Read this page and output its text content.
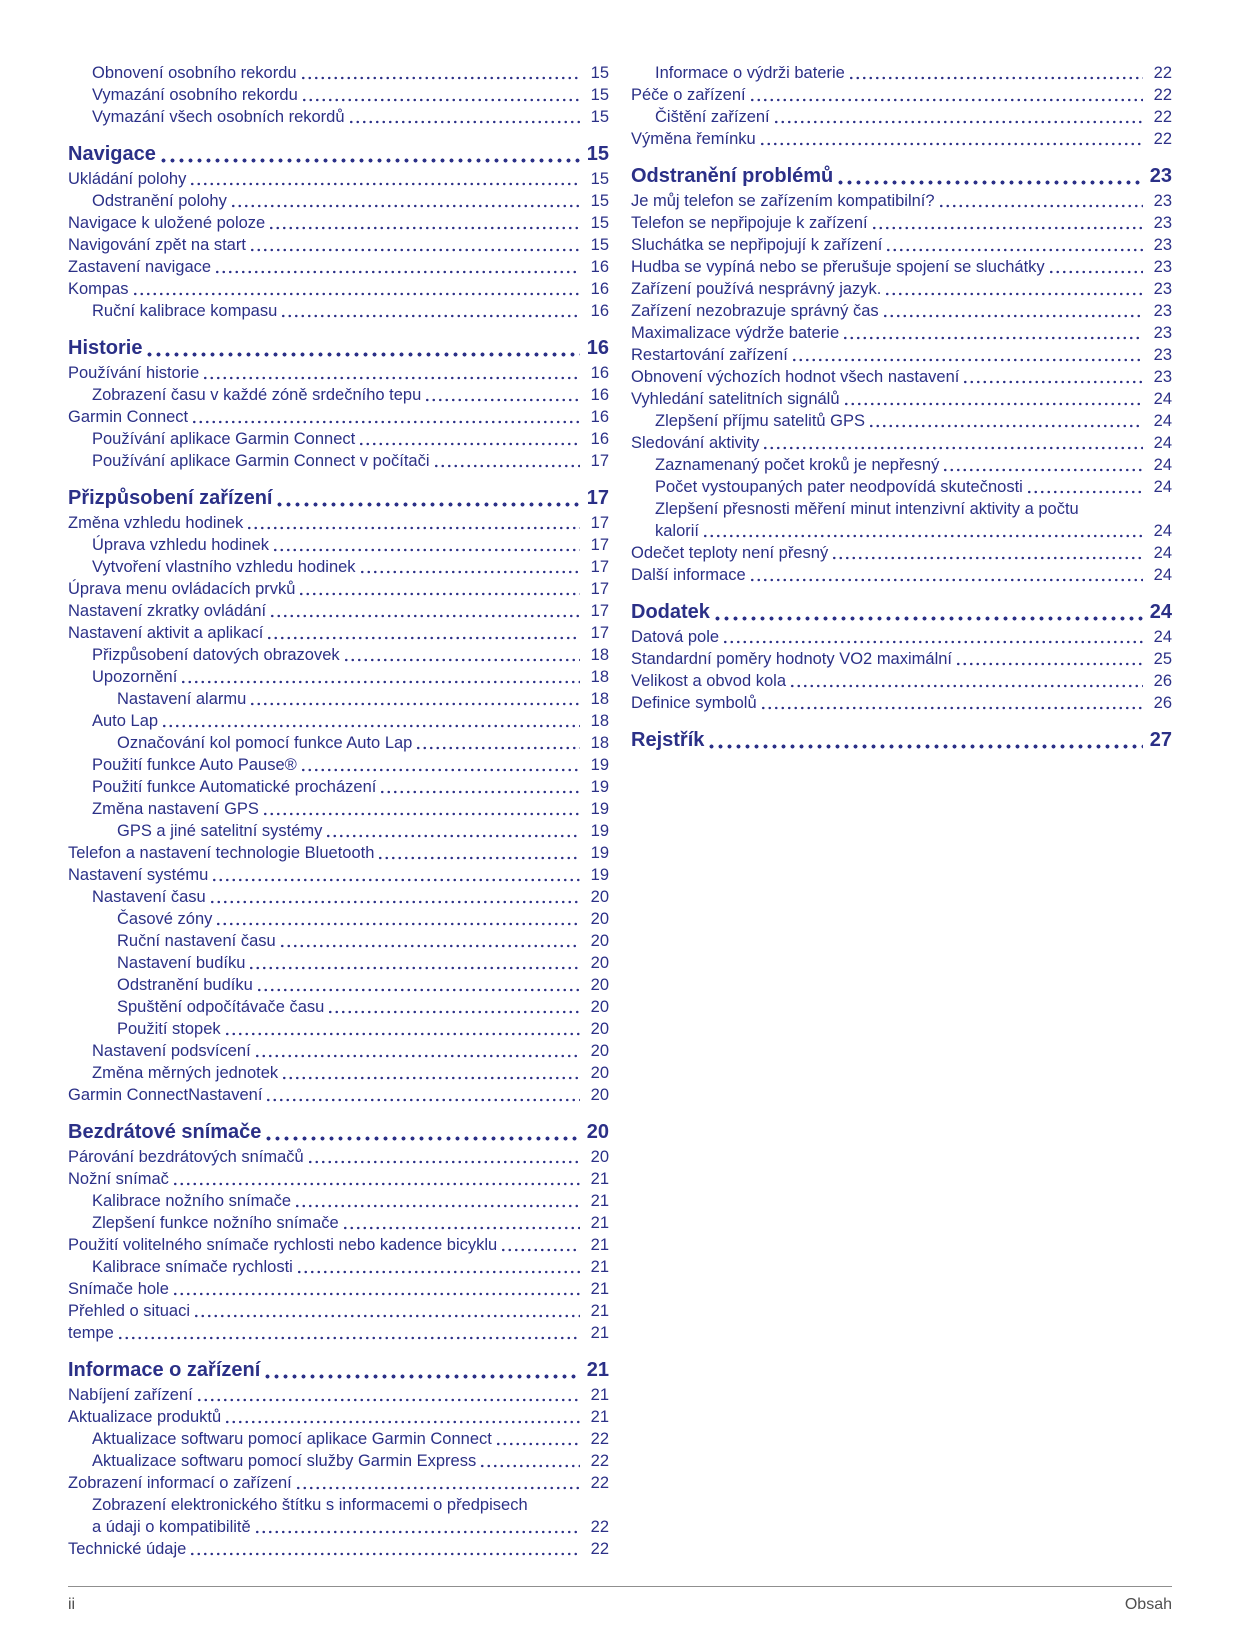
Obnovení osobního rekordu	15
Vymazání osobního rekordu	15
Vymazání všech osobních rekordů	15
Navigace	15
Ukládání polohy	15
Odstranění polohy	15
Navigace k uložené poloze	15
Navigování zpět na start	15
Zastavení navigace	16
Kompas	16
Ruční kalibrace kompasu	16
Historie	16
Používání historie	16
Zobrazení času v každé zóně srdečního tepu	16
Garmin Connect	16
Používání aplikace Garmin Connect	16
Používání aplikace Garmin Connect v počítači	17
Přizpůsobení zařízení	17
Změna vzhledu hodinek	17
Úprava vzhledu hodinek	17
Vytvoření vlastního vzhledu hodinek	17
Úprava menu ovládacích prvků	17
Nastavení zkratky ovládání	17
Nastavení aktivit a aplikací	17
Přizpůsobení datových obrazovek	18
Upozornění	18
Nastavení alarmu	18
Auto Lap	18
Označování kol pomocí funkce Auto Lap	18
Použití funkce Auto Pause®	19
Použití funkce Automatické procházení	19
Změna nastavení GPS	19
GPS a jiné satelitní systémy	19
Telefon a nastavení technologie Bluetooth	19
Nastavení systému	19
Nastavení času	20
Časové zóny	20
Ruční nastavení času	20
Nastavení budíku	20
Odstranění budíku	20
Spuštění odpočítávače času	20
Použití stopek	20
Nastavení podsvícení	20
Změna měrných jednotek	20
Garmin ConnectNastavení	20
Bezdrátové snímače	20
Párování bezdrátových snímačů	20
Nožní snímač	21
Kalibrace nožního snímače	21
Zlepšení funkce nožního snímače	21
Použití volitelného snímače rychlosti nebo kadence bicyklu	21
Kalibrace snímače rychlosti	21
Snímače hole	21
Přehled o situaci	21
tempe	21
Informace o zařízení	21
Nabíjení zařízení	21
Aktualizace produktů	21
Aktualizace softwaru pomocí aplikace Garmin Connect	22
Aktualizace softwaru pomocí služby Garmin Express	22
Zobrazení informací o zařízení	22
Zobrazení elektronického štítku s informacemi o předpisech
a údaji o kompatibilitě	22
Technické údaje	22
Informace o výdrži baterie	22
Péče o zařízení	22
Čištění zařízení	22
Výměna řemínku	22
Odstranění problémů	23
Je můj telefon se zařízením kompatibilní?	23
Telefon se nepřipojuje k zařízení	23
Sluchátka se nepřipojují k zařízení	23
Hudba se vypíná nebo se přerušuje spojení se sluchátky	23
Zařízení používá nesprávný jazyk.	23
Zařízení nezobrazuje správný čas	23
Maximalizace výdrže baterie	23
Restartování zařízení	23
Obnovení výchozích hodnot všech nastavení	23
Vyhledání satelitních signálů	24
Zlepšení příjmu satelitů GPS	24
Sledování aktivity	24
Zaznamenaný počet kroků je nepřesný	24
Počet vystoupaných pater neodpovídá skutečnosti	24
Zlepšení přesnosti měření minut intenzivní aktivity a počtu
kalorií	24
Odečet teploty není přesný	24
Další informace	24
Dodatek	24
Datová pole	24
Standardní poměry hodnoty VO2 maximální	25
Velikost a obvod kola	26
Definice symbolů	26
Rejstřík	27
ii	Obsah
